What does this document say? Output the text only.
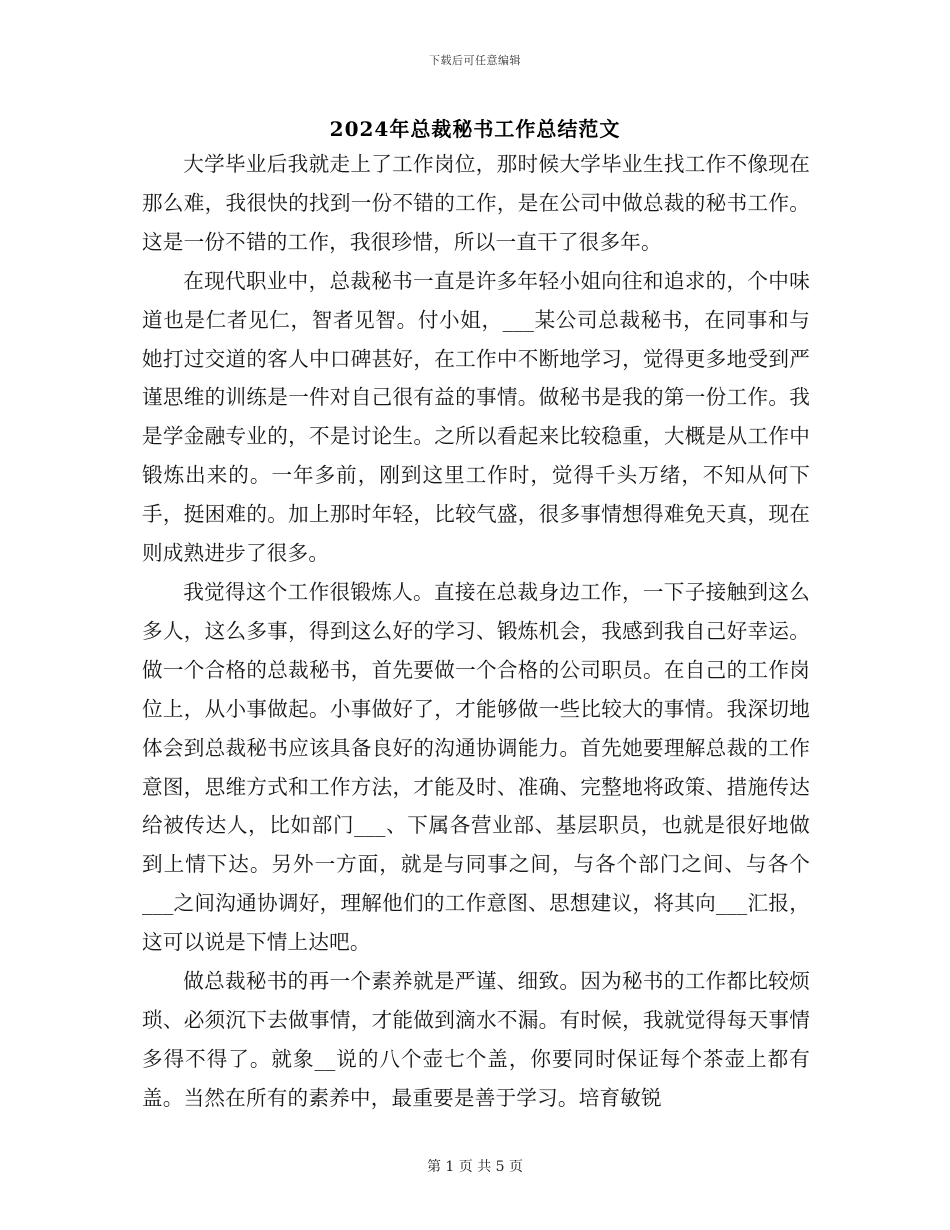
下载后可任意编辑
2024年总裁秘书工作总结范文

大学毕业后我就走上了工作岗位，那时候大学毕业生找工作不像现在那么难，我很快的找到一份不错的工作，是在公司中做总裁的秘书工作。这是一份不错的工作，我很珍惜，所以一直干了很多年。

在现代职业中，总裁秘书一直是许多年轻小姐向往和追求的，个中味道也是仁者见仁，智者见智。付小姐，___某公司总裁秘书，在同事和与她打过交道的客人中口碑甚好，在工作中不断地学习，觉得更多地受到严谨思维的训练是一件对自己很有益的事情。做秘书是我的第一份工作。我是学金融专业的，不是讨论生。之所以看起来比较稳重，大概是从工作中锻炼出来的。一年多前，刚到这里工作时，觉得千头万绪，不知从何下手，挺困难的。加上那时年轻，比较气盛，很多事情想得难免天真，现在则成熟进步了很多。

我觉得这个工作很锻炼人。直接在总裁身边工作，一下子接触到这么多人，这么多事，得到这么好的学习、锻炼机会，我感到我自己好幸运。做一个合格的总裁秘书，首先要做一个合格的公司职员。在自己的工作岗位上，从小事做起。小事做好了，才能够做一些比较大的事情。我深切地体会到总裁秘书应该具备良好的沟通协调能力。首先她要理解总裁的工作意图，思维方式和工作方法，才能及时、准确、完整地将政策、措施传达给被传达人，比如部门___、下属各营业部、基层职员，也就是很好地做到上情下达。另外一方面，就是与同事之间，与各个部门之间、与各个___之间沟通协调好，理解他们的工作意图、思想建议，将其向___汇报，这可以说是下情上达吧。

做总裁秘书的再一个素养就是严谨、细致。因为秘书的工作都比较烦琐、必须沉下去做事情，才能做到滴水不漏。有时候，我就觉得每天事情多得不得了。就象__说的八个壶七个盖，你要同时保证每个茶壶上都有盖。当然在所有的素养中，最重要是善于学习。培育敏锐

第 1 页 共 5 页
